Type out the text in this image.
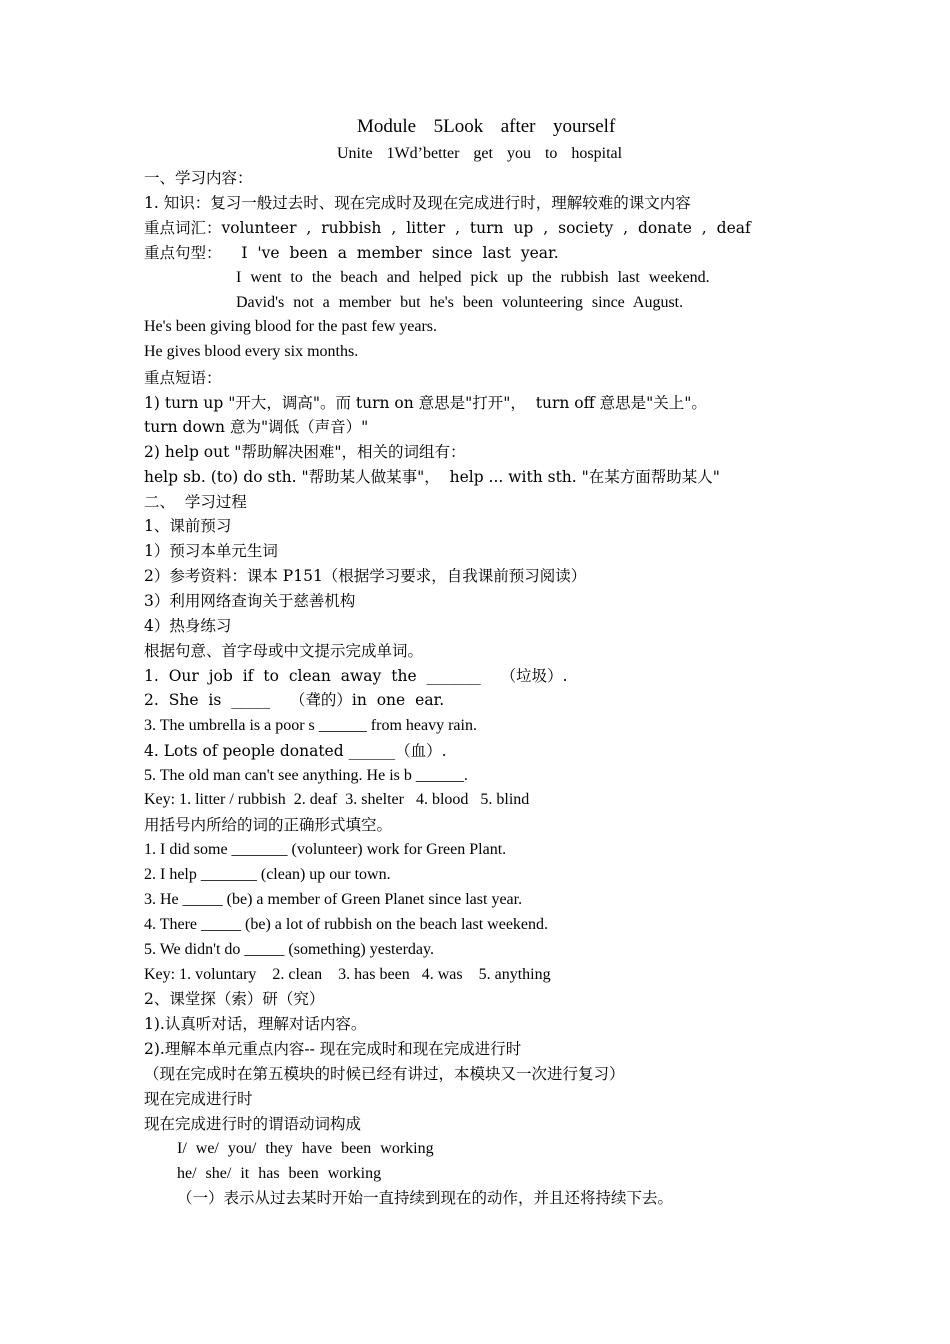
Module  5Look  after  yourself
Unite  1Wd’better  get  you  to  hospital
一、学习内容：
1. 知识：复习一般过去时、现在完成时及现在完成进行时，理解较难的课文内容
重点词汇：volunteer , rubbish , litter , turn up , society , donate , deaf
重点句型：  I 've been a member since last year.
I went to the beach and helped pick up the rubbish last weekend.
David's not a member but he's been volunteering since August.
He's been giving blood for the past few years.
He gives blood every six months.
重点短语：
1) turn up "开大，调高"。而 turn on 意思是"打开"，  turn off 意思是"关上"。
turn down 意为"调低（声音）"
2) help out "帮助解决困难"，相关的词组有：
help sb. (to) do sth. "帮助某人做某事"，  help ... with sth. "在某方面帮助某人"
二、  学习过程
1、课前预习
1）预习本单元生词
2）参考资料：课本 P151（根据学习要求，自我课前预习阅读）
3）利用网络查询关于慈善机构
4）热身练习
根据句意、首字母或中文提示完成单词。
1. Our job if to clean away the _______  （垃圾）.
2. She is _____  （聋的）in one ear.
3. The umbrella is a poor s ______ from heavy rain.
4. Lots of people donated ______（血）.
5. The old man can't see anything. He is b ______.
Key: 1. litter / rubbish  2. deaf  3. shelter   4. blood   5. blind
用括号内所给的词的正确形式填空。
1. I did some _______ (volunteer) work for Green Plant.
2. I help _______ (clean) up our town.
3. He _____ (be) a member of Green Planet since last year.
4. There _____ (be) a lot of rubbish on the beach last weekend.
5. We didn't do _____ (something) yesterday.
Key: 1. voluntary    2. clean    3. has been   4. was    5. anything
2、课堂探（索）研（究）
1).认真听对话，理解对话内容。
2).理解本单元重点内容-- 现在完成时和现在完成进行时
（现在完成时在第五模块的时候已经有讲过，本模块又一次进行复习）
现在完成进行时
现在完成进行时的谓语动词构成
I/ we/ you/ they have been working
he/ she/ it has been working
（一）表示从过去某时开始一直持续到现在的动作，并且还将持续下去。
